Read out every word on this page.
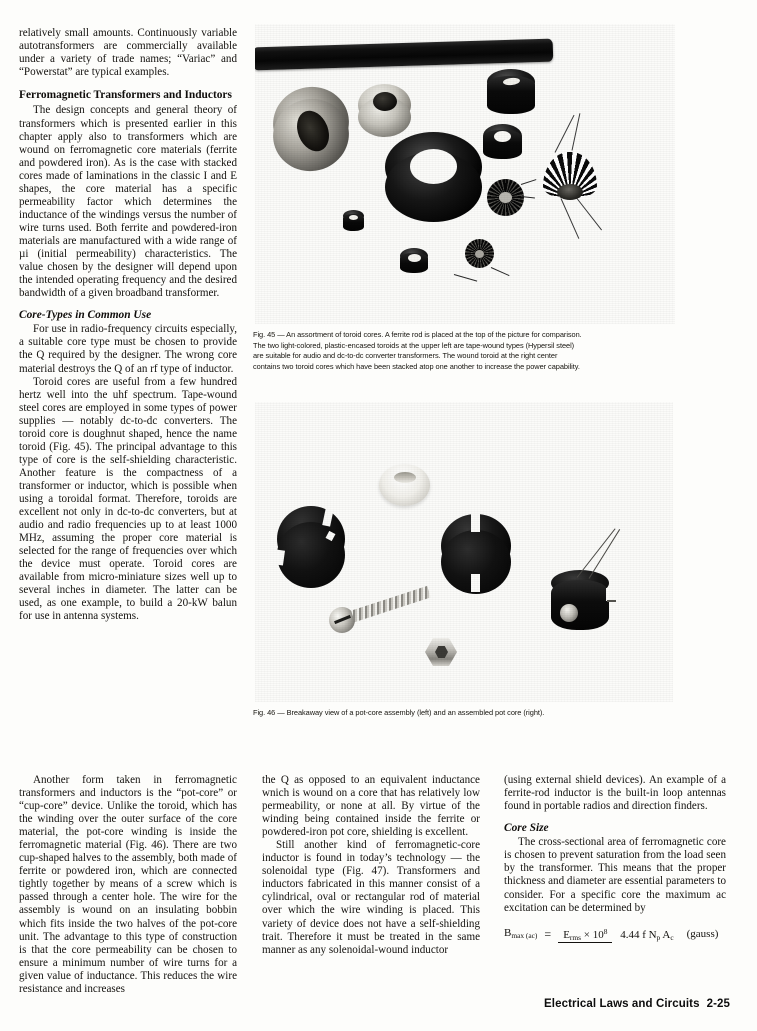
relatively small amounts. Continuously variable autotransformers are commercially available under a variety of trade names; “Variac” and “Powerstat” are typical examples.

Ferromagnetic Transformers and Inductors

The design concepts and general theory of transformers which is presented earlier in this chapter apply also to transformers which are wound on ferromagnetic core materials (ferrite and powdered iron). As is the case with stacked cores made of laminations in the classic I and E shapes, the core material has a specific permeability factor which determines the inductance of the windings versus the number of wire turns used. Both ferrite and powdered-iron materials are manufactured with a wide range of µi (initial permeability) characteristics. The value chosen by the designer will depend upon the intended operating frequency and the desired bandwidth of a given broadband transformer.

Core-Types in Common Use

For use in radio-frequency circuits especially, a suitable core type must be chosen to provide the Q required by the designer. The wrong core material destroys the Q of an rf type of inductor.

Toroid cores are useful from a few hundred hertz well into the uhf spectrum. Tape-wound steel cores are employed in some types of power supplies — notably dc-to-dc converters. The toroid core is doughnut shaped, hence the name toroid (Fig. 45). The principal advantage to this type of core is the self-shielding characteristic. Another feature is the compactness of a transformer or inductor, which is possible when using a toroidal format. Therefore, toroids are excellent not only in dc-to-dc converters, but at audio and radio frequencies up to at least 1000 MHz, assuming the proper core material is selected for the range of frequencies over which the device must operate. Toroid cores are available from micro-miniature sizes well up to several inches in diameter. The latter can be used, as one example, to build a 20-kW balun for use in antenna systems.

Fig. 45 — An assortment of toroid cores. A ferrite rod is placed at the top of the picture for comparison.
The two light-colored, plastic-encased toroids at the upper left are tape-wound types (Hypersil steel)
are suitable for audio and dc-to-dc converter transformers. The wound toroid at the right center
contains two toroid cores which have been stacked atop one another to increase the power capability.
Fig. 46 — Breakaway view of a pot-core assembly (left) and an assembled pot core (right).

Another form taken in ferromagnetic transformers and inductors is the “pot-core” or “cup-core” device. Unlike the toroid, which has the winding over the outer surface of the core material, the pot-core winding is inside the ferromagnetic material (Fig. 46). There are two cup-shaped halves to the assembly, both made of ferrite or powdered iron, which are connected tightly together by means of a screw which is passed through a center hole. The wire for the assembly is wound on an insulating bobbin which fits inside the two halves of the pot-core unit. The advantage to this type of construction is that the core permeability can be chosen to ensure a minimum number of wire turns for a given value of inductance. This reduces the wire resistance and increases

the Q as opposed to an equivalent inductance wnich is wound on a core that has relatively low permeability, or none at all. By virtue of the winding being contained inside the ferrite or powdered-iron pot core, shielding is excellent.

Still another kind of ferromagnetic-core inductor is found in today’s technology — the solenoidal type (Fig. 47). Transformers and inductors fabricated in this manner consist of a cylindrical, oval or rectangular rod of material over which the wire winding is placed. This variety of device does not have a self-shielding trait. Therefore it must be treated in the same manner as any solenoidal-wound inductor

(using external shield devices). An example of a ferrite-rod inductor is the built-in loop antennas found in portable radios and direction finders.

Core Size

The cross-sectional area of ferromagnetic core is chosen to prevent saturation from the load seen by the transformer. This means that the proper thickness and diameter are essential parameters to consider. For a specific core the maximum ac excitation can be determined by

$B_{max (ac)}$ =	$E_{rms} \times 10^8$ 4.44 f $N_p$ $A_c$	(gauss)
Electrical Laws and Circuits 2-25
